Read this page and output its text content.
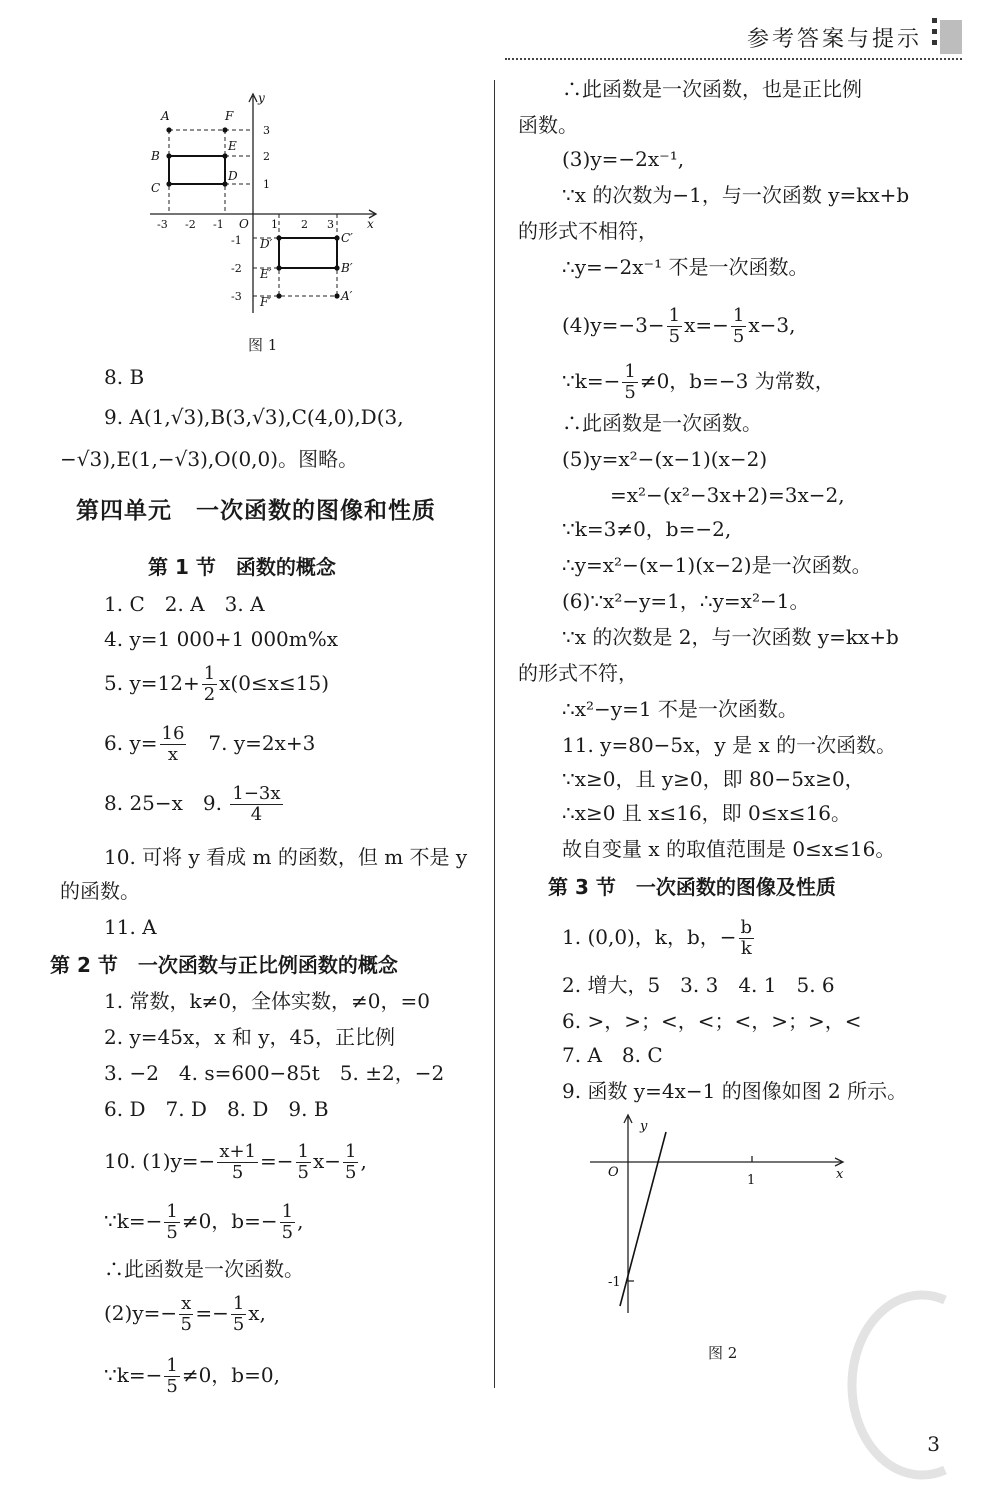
参考答案与提示
y
x
O
A	F
B
E
C
D
D′	C′
E′	B′
F′	A′
-3 -2 -1	1 2 3
3
2
1
-1
-2
-3
图 1
8. B
9. A(1,√3),B(3,√3),C(4,0),D(3,
−√3),E(1,−√3),O(0,0)。图略。
第四单元　一次函数的图像和性质
第 1 节　函数的概念
1. C　2. A　3. A
4. y=1 000+1 000m%x
5. $y=12+ \frac{1}{2} x(0\le x\le 15)$
6. $y= \frac{16}{x}$ 　7. y=2x+3
8. 25−x　9. $\frac{1-3x}{4}$
10. 可将 y 看成 m 的函数，但 m 不是 y
的函数。
11. A
第 2 节　一次函数与正比例函数的概念
1. 常数，k≠0，全体实数，≠0，=0
2. y=45x，x 和 y，45，正比例
3. −2　4. s=600−85t　5. ±2，−2
6. D　7. D　8. D　9. B
10. $(1)y=- \frac{x+1}{5} =- \frac{1}{5} x- \frac{1}{5}$ ,
∵k=− $\frac{1}{5} \ne 0$，$b=- \frac{1}{5}$ ,
∴此函数是一次函数。
$(2)y=- \frac{x}{5} =- \frac{1}{5} x$,
∵k=− $\frac{1}{5} \ne 0$，b=0,
∴此函数是一次函数，也是正比例
函数。
(3)y=−2x⁻¹,
∵x 的次数为−1，与一次函数 y=kx+b
的形式不相符，
∴y=−2x⁻¹ 不是一次函数。
$(4)y=-3- \frac{1}{5} x=- \frac{1}{5} x-3$,
∵k=− $\frac{1}{5} \ne 0$，b=−3 为常数，
∴此函数是一次函数。
(5)y=x²−(x−1)(x−2)
=x²−(x²−3x+2)=3x−2,
∵k=3≠0，b=−2,
∴y=x²−(x−1)(x−2)是一次函数。
(6)∵x²−y=1，∴y=x²−1。
∵x 的次数是 2，与一次函数 y=kx+b
的形式不符，
∴x²−y=1 不是一次函数。
11. y=80−5x，y 是 x 的一次函数。
∵x≥0，且 y≥0，即 80−5x≥0，
∴x≥0 且 x≤16，即 0≤x≤16。
故自变量 x 的取值范围是 0≤x≤16。
第 3 节　一次函数的图像及性质
1. (0,0)，k，b，− $\frac{b}{k}$
2. 增大，5　3. 3　4. 1　5. 6
6. >，>；<，<；<，>；>，<
7. A　8. C
9. 函数 y=4x−1 的图像如图 2 所示。
y
x
O
1
-1
图 2
3
